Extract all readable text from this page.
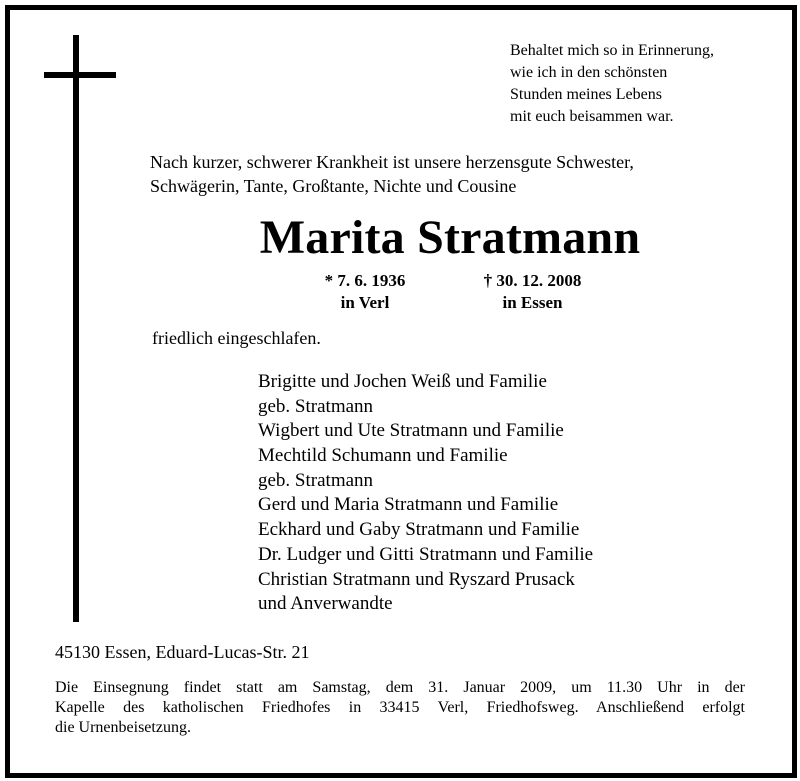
Behaltet mich so in Erinnerung,
wie ich in den schönsten
Stunden meines Lebens
mit euch beisammen war.
Nach kurzer, schwerer Krankheit ist unsere herzensgute Schwester,
Schwägerin, Tante, Großtante, Nichte und Cousine
Marita Stratmann
* 7. 6. 1936
in Verl
† 30. 12. 2008
in Essen
friedlich eingeschlafen.
Brigitte und Jochen Weiß und Familie
geb. Stratmann
Wigbert und Ute Stratmann und Familie
Mechtild Schumann und Familie
geb. Stratmann
Gerd und Maria Stratmann und Familie
Eckhard und Gaby Stratmann und Familie
Dr. Ludger und Gitti Stratmann und Familie
Christian Stratmann und Ryszard Prusack
und Anverwandte
45130 Essen, Eduard-Lucas-Str. 21
Die Einsegnung findet statt am Samstag, dem 31. Januar 2009, um 11.30 Uhr in der
Kapelle des katholischen Friedhofes in 33415 Verl, Friedhofsweg. Anschließend erfolgt
die Urnenbeisetzung.
